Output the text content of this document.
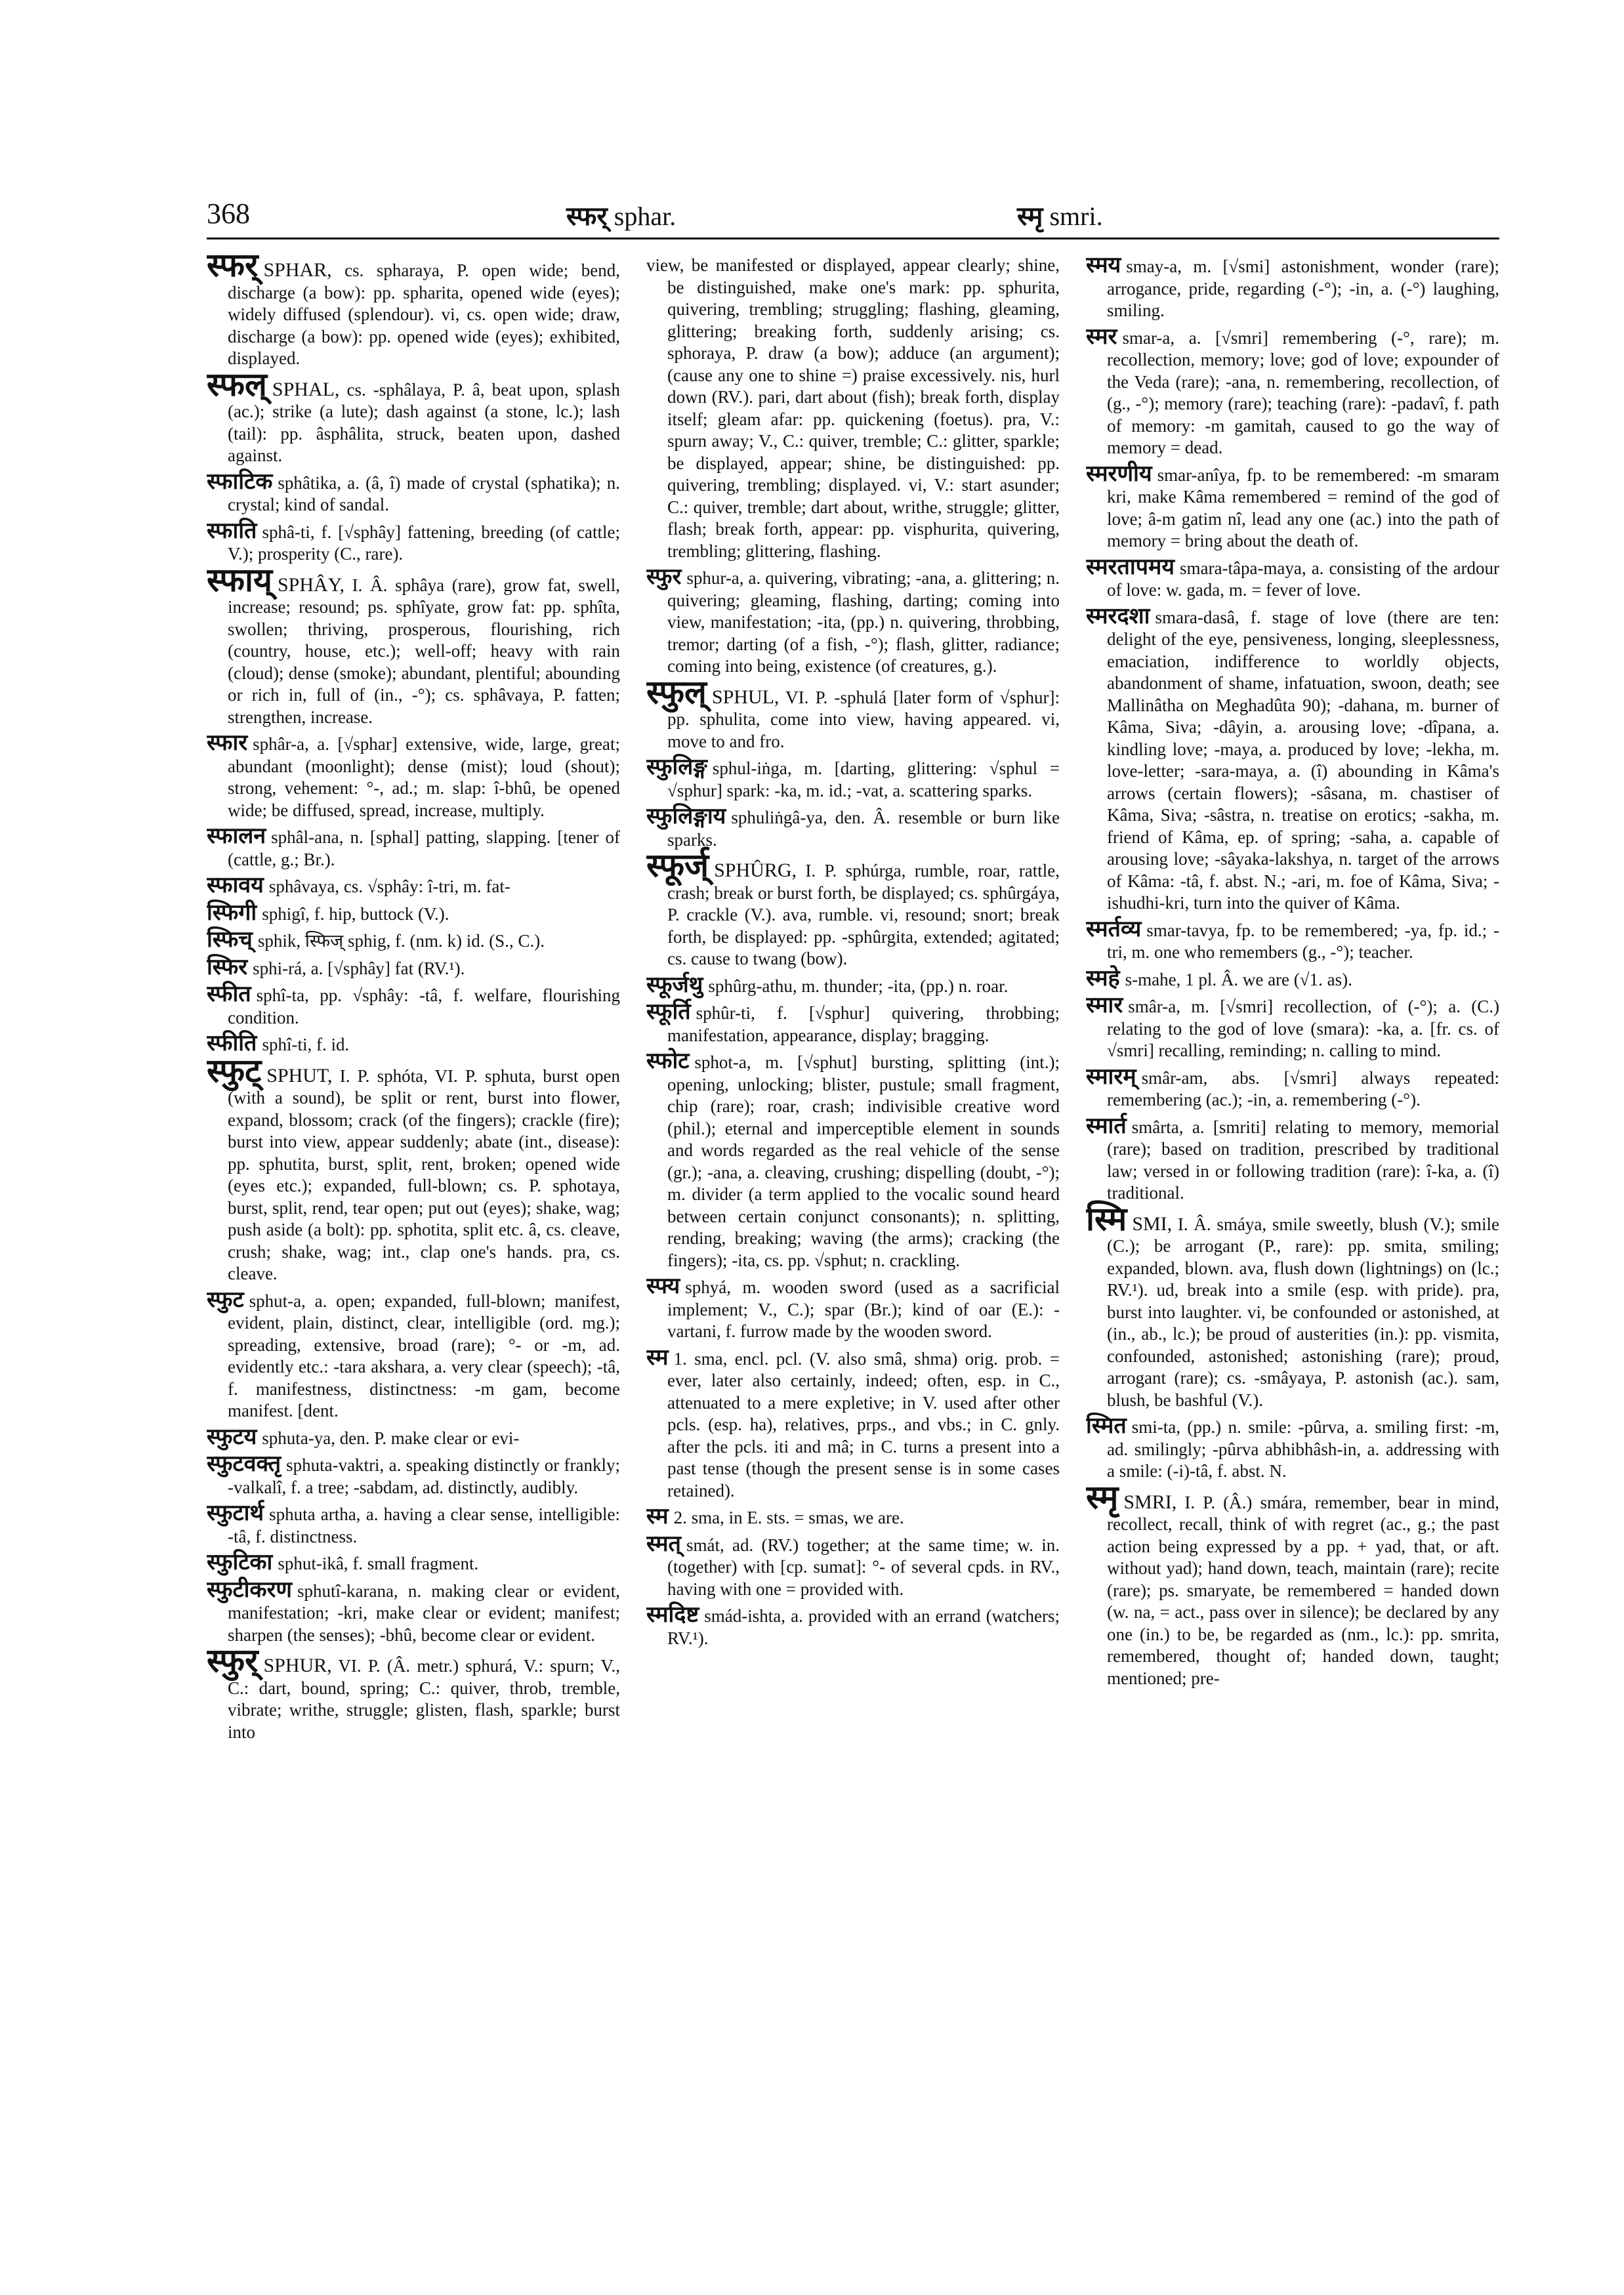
368	स्फर् sphar.	स्मृ smri.

स्फर् SPHAR, cs. spharaya, P. open wide; bend, discharge (a bow): pp. spharita, opened wide (eyes); widely diffused (splendour). vi, cs. open wide; draw, discharge (a bow): pp. opened wide (eyes); exhibited, displayed.

स्फल् SPHAL, cs. -sphâlaya, P. â, beat upon, splash (ac.); strike (a lute); dash against (a stone, lc.); lash (tail): pp. âsphâlita, struck, beaten upon, dashed against.

स्फाटिक sphâtika, a. (â, î) made of crystal (sphatika); n. crystal; kind of sandal.

स्फाति sphâ-ti, f. [√sphây] fattening, breeding (of cattle; V.); prosperity (C., rare).

स्फाय् SPHÂY, I. Â. sphâya (rare), grow fat, swell, increase; resound; ps. sphîyate, grow fat: pp. sphîta, swollen; thriving, prosperous, flourishing, rich (country, house, etc.); well-off; heavy with rain (cloud); dense (smoke); abundant, plentiful; abounding or rich in, full of (in., -°); cs. sphâvaya, P. fatten; strengthen, increase.

स्फार sphâr-a, a. [√sphar] extensive, wide, large, great; abundant (moonlight); dense (mist); loud (shout); strong, vehement: °-, ad.; m. slap: î-bhû, be opened wide; be diffused, spread, increase, multiply.

स्फालन sphâl-ana, n. [sphal] patting, slapping. [tener of (cattle, g.; Br.).

स्फावय sphâvaya, cs. √sphây: î-tri, m. fat-

स्फिगी sphigî, f. hip, buttock (V.).

स्फिच् sphik, स्फिज् sphig, f. (nm. k) id. (S., C.).

स्फिर sphi-rá, a. [√sphây] fat (RV.¹).

स्फीत sphî-ta, pp. √sphây: -tâ, f. welfare, flourishing condition.

स्फीति sphî-ti, f. id.

स्फुट् SPHUT, I. P. sphóta, VI. P. sphuta, burst open (with a sound), be split or rent, burst into flower, expand, blossom; crack (of the fingers); crackle (fire); burst into view, appear suddenly; abate (int., disease): pp. sphutita, burst, split, rent, broken; opened wide (eyes etc.); expanded, full-blown; cs. P. sphotaya, burst, split, rend, tear open; put out (eyes); shake, wag; push aside (a bolt): pp. sphotita, split etc. â, cs. cleave, crush; shake, wag; int., clap one's hands. pra, cs. cleave.

स्फुट sphut-a, a. open; expanded, full-blown; manifest, evident, plain, distinct, clear, intelligible (ord. mg.); spreading, extensive, broad (rare); °- or -m, ad. evidently etc.: -tara akshara, a. very clear (speech); -tâ, f. manifestness, distinctness: -m gam, become manifest. [dent.

स्फुटय sphuta-ya, den. P. make clear or evi-

स्फुटवक्तृ sphuta-vaktri, a. speaking distinctly or frankly; -valkalî, f. a tree; -sabdam, ad. distinctly, audibly.

स्फुटार्थ sphuta artha, a. having a clear sense, intelligible: -tâ, f. distinctness.

स्फुटिका sphut-ikâ, f. small fragment.

स्फुटीकरण sphutî-karana, n. making clear or evident, manifestation; -kri, make clear or evident; manifest; sharpen (the senses); -bhû, become clear or evident.

स्फुर् SPHUR, VI. P. (Â. metr.) sphurá, V.: spurn; V., C.: dart, bound, spring; C.: quiver, throb, tremble, vibrate; writhe, struggle; glisten, flash, sparkle; burst into

view, be manifested or displayed, appear clearly; shine, be distinguished, make one's mark: pp. sphurita, quivering, trembling; struggling; flashing, gleaming, glittering; breaking forth, suddenly arising; cs. sphoraya, P. draw (a bow); adduce (an argument); (cause any one to shine =) praise excessively. nis, hurl down (RV.). pari, dart about (fish); break forth, display itself; gleam afar: pp. quickening (foetus). pra, V.: spurn away; V., C.: quiver, tremble; C.: glitter, sparkle; be displayed, appear; shine, be distinguished: pp. quivering, trembling; displayed. vi, V.: start asunder; C.: quiver, tremble; dart about, writhe, struggle; glitter, flash; break forth, appear: pp. visphurita, quivering, trembling; glittering, flashing.

स्फुर sphur-a, a. quivering, vibrating; -ana, a. glittering; n. quivering; gleaming, flashing, darting; coming into view, manifestation; -ita, (pp.) n. quivering, throbbing, tremor; darting (of a fish, -°); flash, glitter, radiance; coming into being, existence (of creatures, g.).

स्फुल् SPHUL, VI. P. -sphulá [later form of √sphur]: pp. sphulita, come into view, having appeared. vi, move to and fro.

स्फुलिङ्ग sphul-iṅga, m. [darting, glittering: √sphul = √sphur] spark: -ka, m. id.; -vat, a. scattering sparks.

स्फुलिङ्गाय sphuliṅgâ-ya, den. Â. resemble or burn like sparks.

स्फूर्ज् SPHÛRG, I. P. sphúrga, rumble, roar, rattle, crash; break or burst forth, be displayed; cs. sphûrgáya, P. crackle (V.). ava, rumble. vi, resound; snort; break forth, be displayed: pp. -sphûrgita, extended; agitated; cs. cause to twang (bow).

स्फूर्जथु sphûrg-athu, m. thunder; -ita, (pp.) n. roar.

स्फूर्ति sphûr-ti, f. [√sphur] quivering, throbbing; manifestation, appearance, display; bragging.

स्फोट sphot-a, m. [√sphut] bursting, splitting (int.); opening, unlocking; blister, pustule; small fragment, chip (rare); roar, crash; indivisible creative word (phil.); eternal and imperceptible element in sounds and words regarded as the real vehicle of the sense (gr.); -ana, a. cleaving, crushing; dispelling (doubt, -°); m. divider (a term applied to the vocalic sound heard between certain conjunct consonants); n. splitting, rending, breaking; waving (the arms); cracking (the fingers); -ita, cs. pp. √sphut; n. crackling.

स्फ्य sphyá, m. wooden sword (used as a sacrificial implement; V., C.); spar (Br.); kind of oar (E.): -vartani, f. furrow made by the wooden sword.

स्म 1. sma, encl. pcl. (V. also smâ, shma) orig. prob. = ever, later also certainly, indeed; often, esp. in C., attenuated to a mere expletive; in V. used after other pcls. (esp. ha), relatives, prps., and vbs.; in C. gnly. after the pcls. iti and mâ; in C. turns a present into a past tense (though the present sense is in some cases retained).

स्म 2. sma, in E. sts. = smas, we are.

स्मत् smát, ad. (RV.) together; at the same time; w. in. (together) with [cp. sumat]: °- of several cpds. in RV., having with one = provided with.

स्मदिष्ट smád-ishta, a. provided with an errand (watchers; RV.¹).

स्मय smay-a, m. [√smi] astonishment, wonder (rare); arrogance, pride, regarding (-°); -in, a. (-°) laughing, smiling.

स्मर smar-a, a. [√smri] remembering (-°, rare); m. recollection, memory; love; god of love; expounder of the Veda (rare); -ana, n. remembering, recollection, of (g., -°); memory (rare); teaching (rare): -padavî, f. path of memory: -m gamitah, caused to go the way of memory = dead.

स्मरणीय smar-anîya, fp. to be remembered: -m smaram kri, make Kâma remembered = remind of the god of love; â-m gatim nî, lead any one (ac.) into the path of memory = bring about the death of.

स्मरतापमय smara-tâpa-maya, a. consisting of the ardour of love: w. gada, m. = fever of love.

स्मरदशा smara-dasâ, f. stage of love (there are ten: delight of the eye, pensiveness, longing, sleeplessness, emaciation, indifference to worldly objects, abandonment of shame, infatuation, swoon, death; see Mallinâtha on Meghadûta 90); -dahana, m. burner of Kâma, Siva; -dâyin, a. arousing love; -dîpana, a. kindling love; -maya, a. produced by love; -lekha, m. love-letter; -sara-maya, a. (î) abounding in Kâma's arrows (certain flowers); -sâsana, m. chastiser of Kâma, Siva; -sâstra, n. treatise on erotics; -sakha, m. friend of Kâma, ep. of spring; -saha, a. capable of arousing love; -sâyaka-lakshya, n. target of the arrows of Kâma: -tâ, f. abst. N.; -ari, m. foe of Kâma, Siva; -ishudhi-kri, turn into the quiver of Kâma.

स्मर्तव्य smar-tavya, fp. to be remembered; -ya, fp. id.; -tri, m. one who remembers (g., -°); teacher.

स्महे s-mahe, 1 pl. Â. we are (√1. as).

स्मार smâr-a, m. [√smri] recollection, of (-°); a. (C.) relating to the god of love (smara): -ka, a. [fr. cs. of √smri] recalling, reminding; n. calling to mind.

स्मारम् smâr-am, abs. [√smri] always repeated: remembering (ac.); -in, a. remembering (-°).

स्मार्त smârta, a. [smriti] relating to memory, memorial (rare); based on tradition, prescribed by traditional law; versed in or following tradition (rare): î-ka, a. (î) traditional.

स्मि SMI, I. Â. smáya, smile sweetly, blush (V.); smile (C.); be arrogant (P., rare): pp. smita, smiling; expanded, blown. ava, flush down (lightnings) on (lc.; RV.¹). ud, break into a smile (esp. with pride). pra, burst into laughter. vi, be confounded or astonished, at (in., ab., lc.); be proud of austerities (in.): pp. vismita, confounded, astonished; astonishing (rare); proud, arrogant (rare); cs. -smâyaya, P. astonish (ac.). sam, blush, be bashful (V.).

स्मित smi-ta, (pp.) n. smile: -pûrva, a. smiling first: -m, ad. smilingly; -pûrva abhibhâsh-in, a. addressing with a smile: (-i)-tâ, f. abst. N.

स्मृ SMRI, I. P. (Â.) smára, remember, bear in mind, recollect, recall, think of with regret (ac., g.; the past action being expressed by a pp. + yad, that, or aft. without yad); hand down, teach, maintain (rare); recite (rare); ps. smaryate, be remembered = handed down (w. na, = act., pass over in silence); be declared by any one (in.) to be, be regarded as (nm., lc.): pp. smrita, remembered, thought of; handed down, taught; mentioned; pre-
